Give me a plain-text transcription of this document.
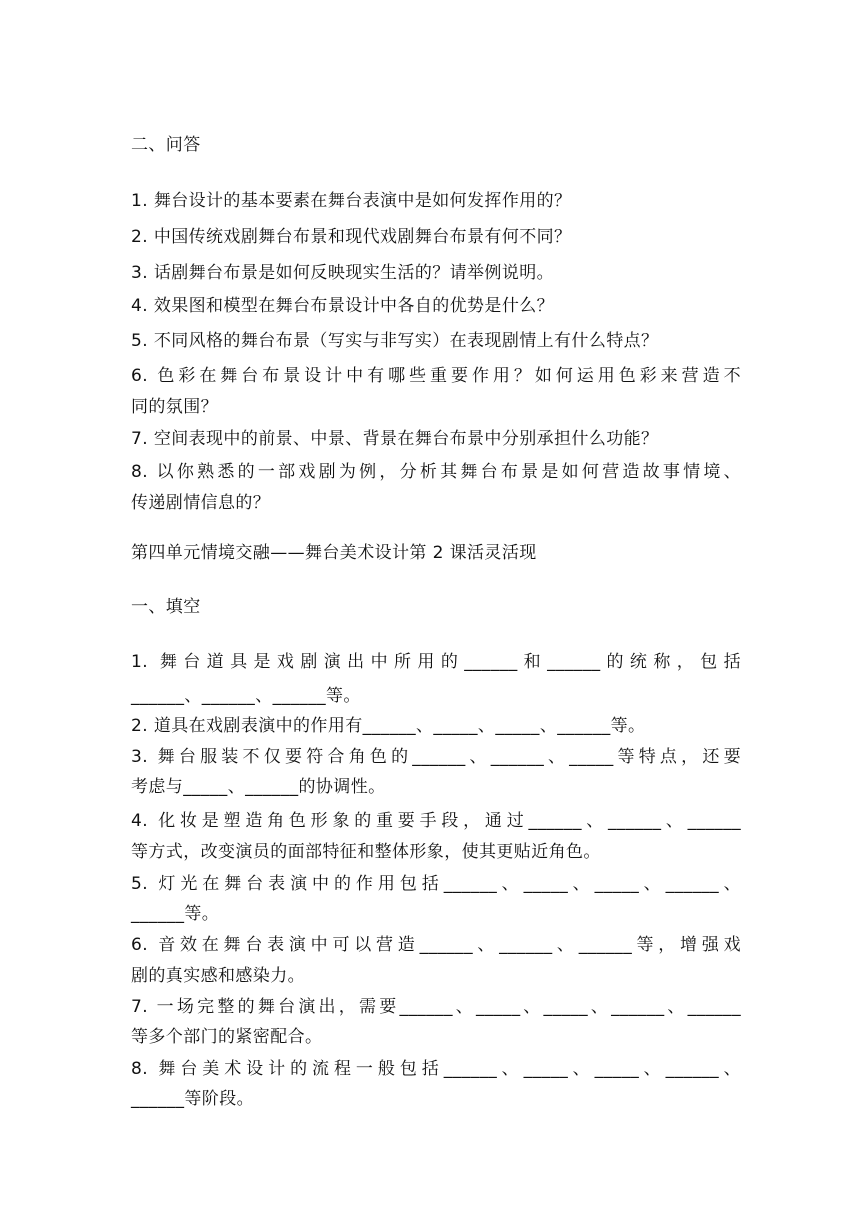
二、问答
1. 舞台设计的基本要素在舞台表演中是如何发挥作用的？
2. 中国传统戏剧舞台布景和现代戏剧舞台布景有何不同？
3. 话剧舞台布景是如何反映现实生活的？请举例说明。
4. 效果图和模型在舞台布景设计中各自的优势是什么？
5. 不同风格的舞台布景（写实与非写实）在表现剧情上有什么特点？
6. 色彩在舞台布景设计中有哪些重要作用？如何运用色彩来营造不
同的氛围？
7. 空间表现中的前景、中景、背景在舞台布景中分别承担什么功能？
8. 以你熟悉的一部戏剧为例，分析其舞台布景是如何营造故事情境、
传递剧情信息的？
第四单元情境交融——舞台美术设计第 2 课活灵活现
一、填空
1. 舞台道具是戏剧演出中所用的______和______的统称，包括
______、______、______等。
2. 道具在戏剧表演中的作用有______、_____、_____、______等。
3. 舞台服装不仅要符合角色的______、______、_____等特点，还要
考虑与_____、______的协调性。
4. 化妆是塑造角色形象的重要手段，通过______、______、______
等方式，改变演员的面部特征和整体形象，使其更贴近角色。
5. 灯光在舞台表演中的作用包括______、_____、_____、______、
______等。
6. 音效在舞台表演中可以营造______、______、______等，增强戏
剧的真实感和感染力。
7. 一场完整的舞台演出，需要______、_____、_____、______、______
等多个部门的紧密配合。
8. 舞台美术设计的流程一般包括______、_____、_____、______、
______等阶段。
